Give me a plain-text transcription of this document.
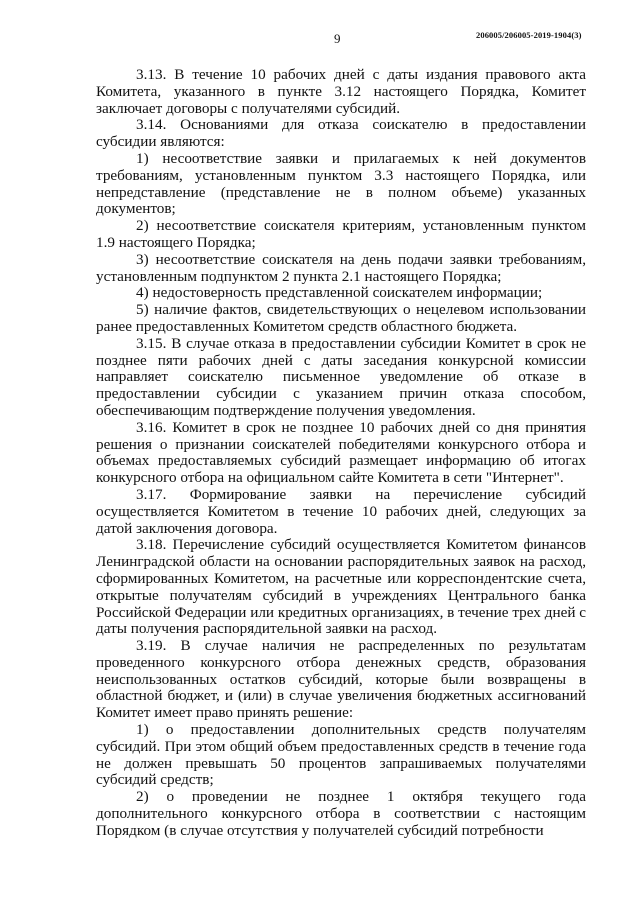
9	206005/206005-2019-1904(3)

3.13. В течение 10 рабочих дней с даты издания правового акта Комитета, указанного в пункте 3.12 настоящего Порядка, Комитет заключает договоры с получателями субсидий.

3.14. Основаниями для отказа соискателю в предоставлении субсидии являются:

1) несоответствие заявки и прилагаемых к ней документов требованиям, установленным пунктом 3.3 настоящего Порядка, или непредставление (представление не в полном объеме) указанных документов;

2) несоответствие соискателя критериям, установленным пунктом 1.9 настоящего Порядка;

3) несоответствие соискателя на день подачи заявки требованиям, установленным подпунктом 2 пункта 2.1 настоящего Порядка;

4) недостоверность представленной соискателем информации;

5) наличие фактов, свидетельствующих о нецелевом использовании ранее предоставленных Комитетом средств областного бюджета.

3.15. В случае отказа в предоставлении субсидии Комитет в срок не позднее пяти рабочих дней с даты заседания конкурсной комиссии направляет соискателю письменное уведомление об отказе в предоставлении субсидии с указанием причин отказа способом, обеспечивающим подтверждение получения уведомления.

3.16. Комитет в срок не позднее 10 рабочих дней со дня принятия решения о признании соискателей победителями конкурсного отбора и объемах предоставляемых субсидий размещает информацию об итогах конкурсного отбора на официальном сайте Комитета в сети "Интернет".

3.17. Формирование заявки на перечисление субсидий осуществляется Комитетом в течение 10 рабочих дней, следующих за датой заключения договора.

3.18. Перечисление субсидий осуществляется Комитетом финансов Ленинградской области на основании распорядительных заявок на расход, сформированных Комитетом, на расчетные или корреспондентские счета, открытые получателям субсидий в учреждениях Центрального банка Российской Федерации или кредитных организациях, в течение трех дней с даты получения распорядительной заявки на расход.

3.19. В случае наличия не распределенных по результатам проведенного конкурсного отбора денежных средств, образования неиспользованных остатков субсидий, которые были возвращены в областной бюджет, и (или) в случае увеличения бюджетных ассигнований Комитет имеет право принять решение:

1) о предоставлении дополнительных средств получателям субсидий. При этом общий объем предоставленных средств в течение года не должен превышать 50 процентов запрашиваемых получателями субсидий средств;

2) о проведении не позднее 1 октября текущего года дополнительного конкурсного отбора в соответствии с настоящим Порядком (в случае отсутствия у получателей субсидий потребности
